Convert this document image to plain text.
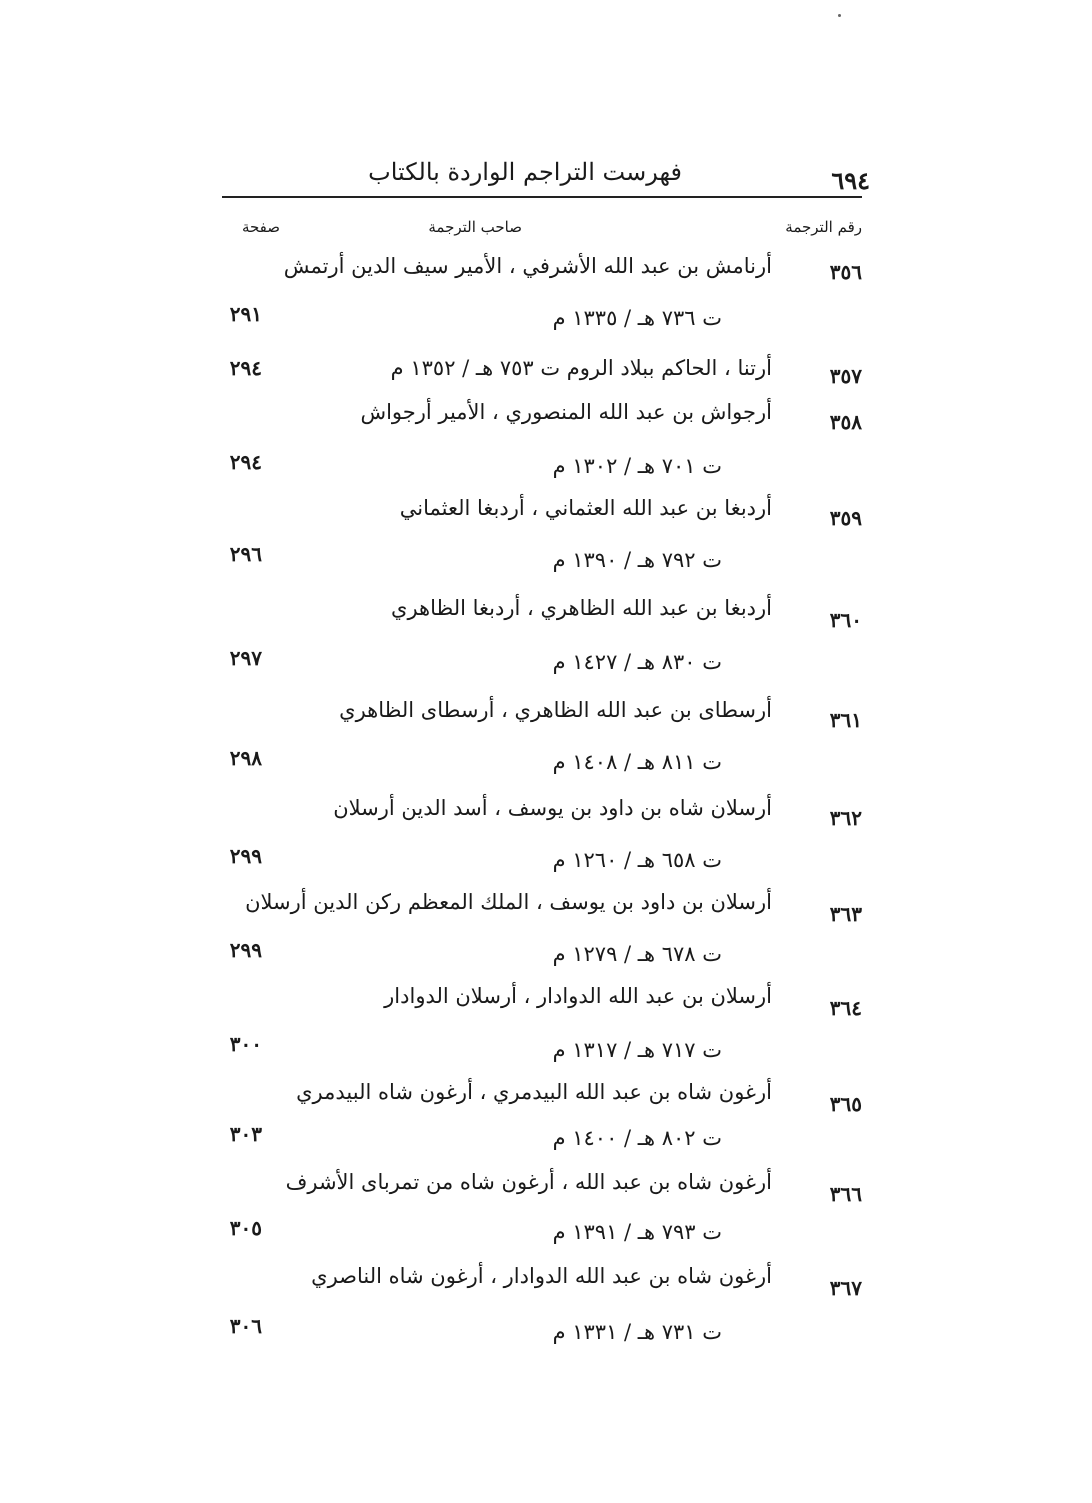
٦٩٤
فهرست التراجم الواردة بالكتاب
رقم الترجمة
صاحب الترجمة
صفحة
٣٥٦
أرنامش بن عبد الله الأشرفي ، الأمير سيف الدين أرتمش
ت ٧٣٦ هـ / ١٣٣٥ م
٢٩١
٣٥٧
أرتنا ، الحاكم ببلاد الروم ت ٧٥٣ هـ / ١٣٥٢ م
٢٩٤
٣٥٨
أرجواش بن عبد الله المنصوري ، الأمير أرجواش
ت ٧٠١ هـ / ١٣٠٢ م
٢٩٤
٣٥٩
أردبغا بن عبد الله العثماني ، أردبغا العثماني
ت ٧٩٢ هـ / ١٣٩٠ م
٢٩٦
٣٦٠
أردبغا بن عبد الله الظاهري ، أردبغا الظاهري
ت ٨٣٠ هـ / ١٤٢٧ م
٢٩٧
٣٦١
أرسطاى بن عبد الله الظاهري ، أرسطاى الظاهري
ت ٨١١ هـ / ١٤٠٨ م
٢٩٨
٣٦٢
أرسلان شاه بن داود بن يوسف ، أسد الدين أرسلان
ت ٦٥٨ هـ / ١٢٦٠ م
٢٩٩
٣٦٣
أرسلان بن داود بن يوسف ، الملك المعظم ركن الدين أرسلان
ت ٦٧٨ هـ / ١٢٧٩ م
٢٩٩
٣٦٤
أرسلان بن عبد الله الدوادار ، أرسلان الدوادار
ت ٧١٧ هـ / ١٣١٧ م
٣٠٠
٣٦٥
أرغون شاه بن عبد الله البيدمري ، أرغون شاه البيدمري
ت ٨٠٢ هـ / ١٤٠٠ م
٣٠٣
٣٦٦
أرغون شاه بن عبد الله ، أرغون شاه من تمربای الأشرف
ت ٧٩٣ هـ / ١٣٩١ م
٣٠٥
٣٦٧
أرغون شاه بن عبد الله الدوادار ، أرغون شاه الناصري
ت ٧٣١ هـ / ١٣٣١ م
٣٠٦
